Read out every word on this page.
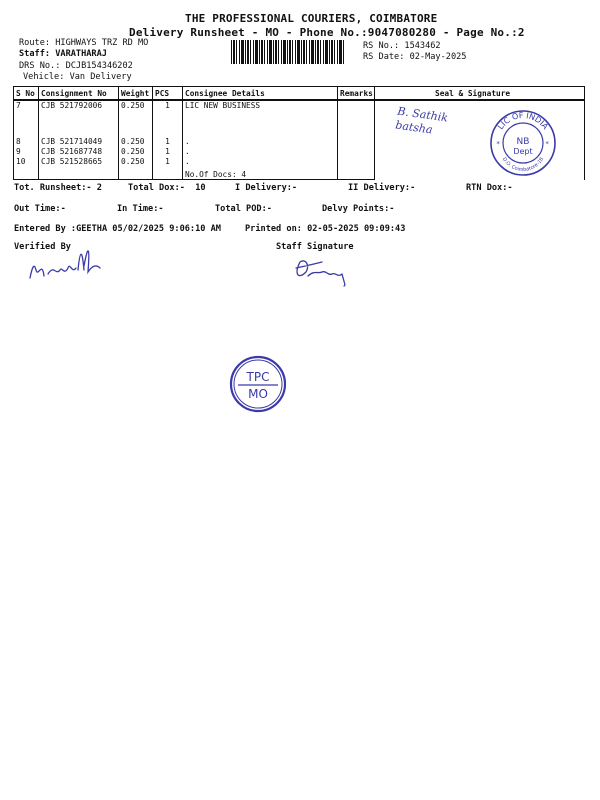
THE PROFESSIONAL COURIERS, COIMBATORE
Delivery Runsheet - MO - Phone No.:9047080280 - Page No.:2
Route: HIGHWAYS TRZ RD MO
Staff: VARATHARAJ
DRS No.: DCJB154346202
Vehicle: Van Delivery
RS No.: 1543462
RS Date: 02-May-2025
S No	Consignment No	Weight	PCS	Consignee Details	Remarks	Seal & Signature
7	CJB 521792006	0.250	1	LIC NEW BUSINESS		
8	CJB 521714049	0.250	1	.		
9	CJB 521687748	0.250	1	.		
10	CJB 521528665	0.250	1	.		
				No.Of Docs: 4		
Tot. Runsheet:- 2	Total Dox:-  10	I Delivery:-	II Delivery:-	RTN Dox:-
Out Time:-	In Time:-	Total POD:-	Delvy Points:-
Entered By :GEETHA 05/02/2025 9:06:10 AM	Printed on: 02-05-2025 09:09:43
Verified By	Staff Signature
B. Sathik batsha	LIC OF INDIA
NB
Dept
D.O. Coimbatore-18
*	*
TPC
MO
